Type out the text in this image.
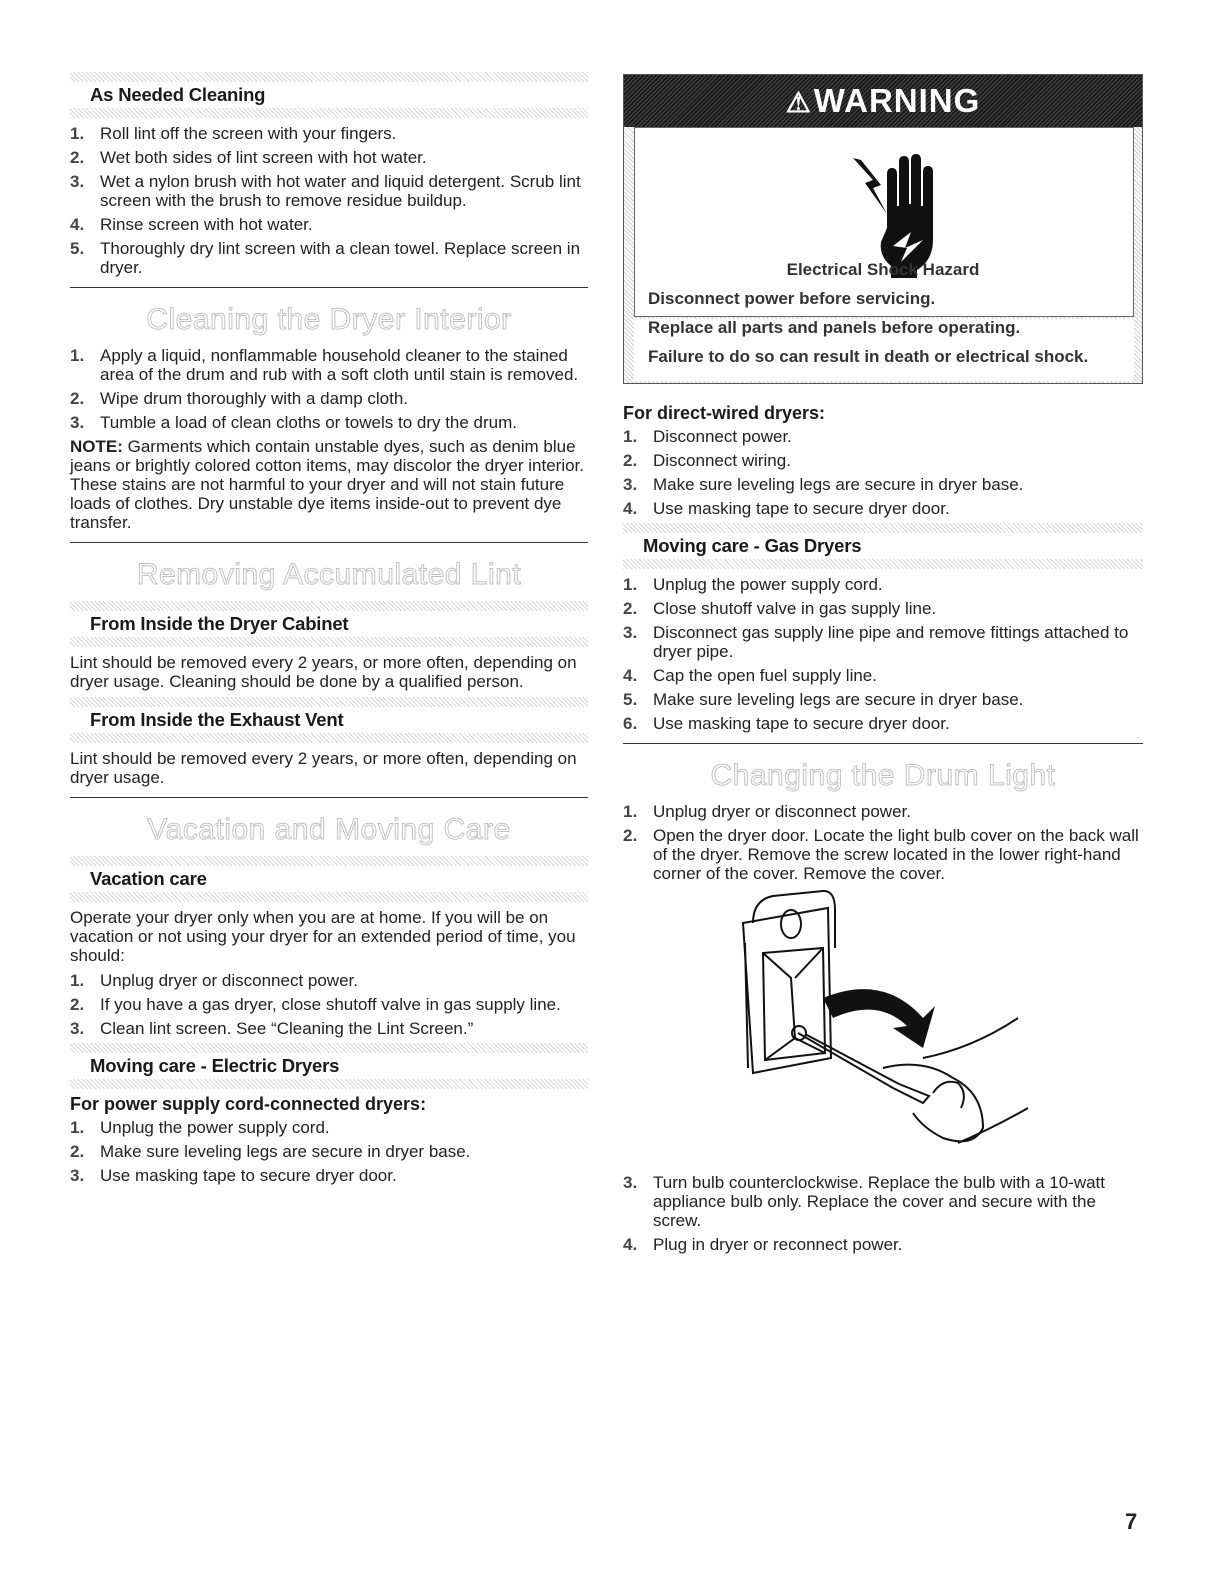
As Needed Cleaning
1. Roll lint off the screen with your fingers.
2. Wet both sides of lint screen with hot water.
3. Wet a nylon brush with hot water and liquid detergent. Scrub lint screen with the brush to remove residue buildup.
4. Rinse screen with hot water.
5. Thoroughly dry lint screen with a clean towel. Replace screen in dryer.
Cleaning the Dryer Interior
1. Apply a liquid, nonflammable household cleaner to the stained area of the drum and rub with a soft cloth until stain is removed.
2. Wipe drum thoroughly with a damp cloth.
3. Tumble a load of clean cloths or towels to dry the drum.

NOTE: Garments which contain unstable dyes, such as denim blue jeans or brightly colored cotton items, may discolor the dryer interior. These stains are not harmful to your dryer and will not stain future loads of clothes. Dry unstable dye items inside-out to prevent dye transfer.

Removing Accumulated Lint
From Inside the Dryer Cabinet

Lint should be removed every 2 years, or more often, depending on dryer usage. Cleaning should be done by a qualified person.

From Inside the Exhaust Vent

Lint should be removed every 2 years, or more often, depending on dryer usage.

Vacation and Moving Care
Vacation care

Operate your dryer only when you are at home. If you will be on vacation or not using your dryer for an extended period of time, you should:

1. Unplug dryer or disconnect power.
2. If you have a gas dryer, close shutoff valve in gas supply line.
3. Clean lint screen. See “Cleaning the Lint Screen.”
Moving care - Electric Dryers
For power supply cord-connected dryers:
1. Unplug the power supply cord.
2. Make sure leveling legs are secure in dryer base.
3. Use masking tape to secure dryer door.
⚠WARNING
Electrical Shock Hazard
Disconnect power before servicing.
Replace all parts and panels before operating.
Failure to do so can result in death or electrical shock.
For direct-wired dryers:
1. Disconnect power.
2. Disconnect wiring.
3. Make sure leveling legs are secure in dryer base.
4. Use masking tape to secure dryer door.
Moving care - Gas Dryers
1. Unplug the power supply cord.
2. Close shutoff valve in gas supply line.
3. Disconnect gas supply line pipe and remove fittings attached to dryer pipe.
4. Cap the open fuel supply line.
5. Make sure leveling legs are secure in dryer base.
6. Use masking tape to secure dryer door.
Changing the Drum Light
1. Unplug dryer or disconnect power.
2. Open the dryer door. Locate the light bulb cover on the back wall of the dryer. Remove the screw located in the lower right-hand corner of the cover. Remove the cover.
3. Turn bulb counterclockwise. Replace the bulb with a 10-watt appliance bulb only. Replace the cover and secure with the screw.
4. Plug in dryer or reconnect power.
7
